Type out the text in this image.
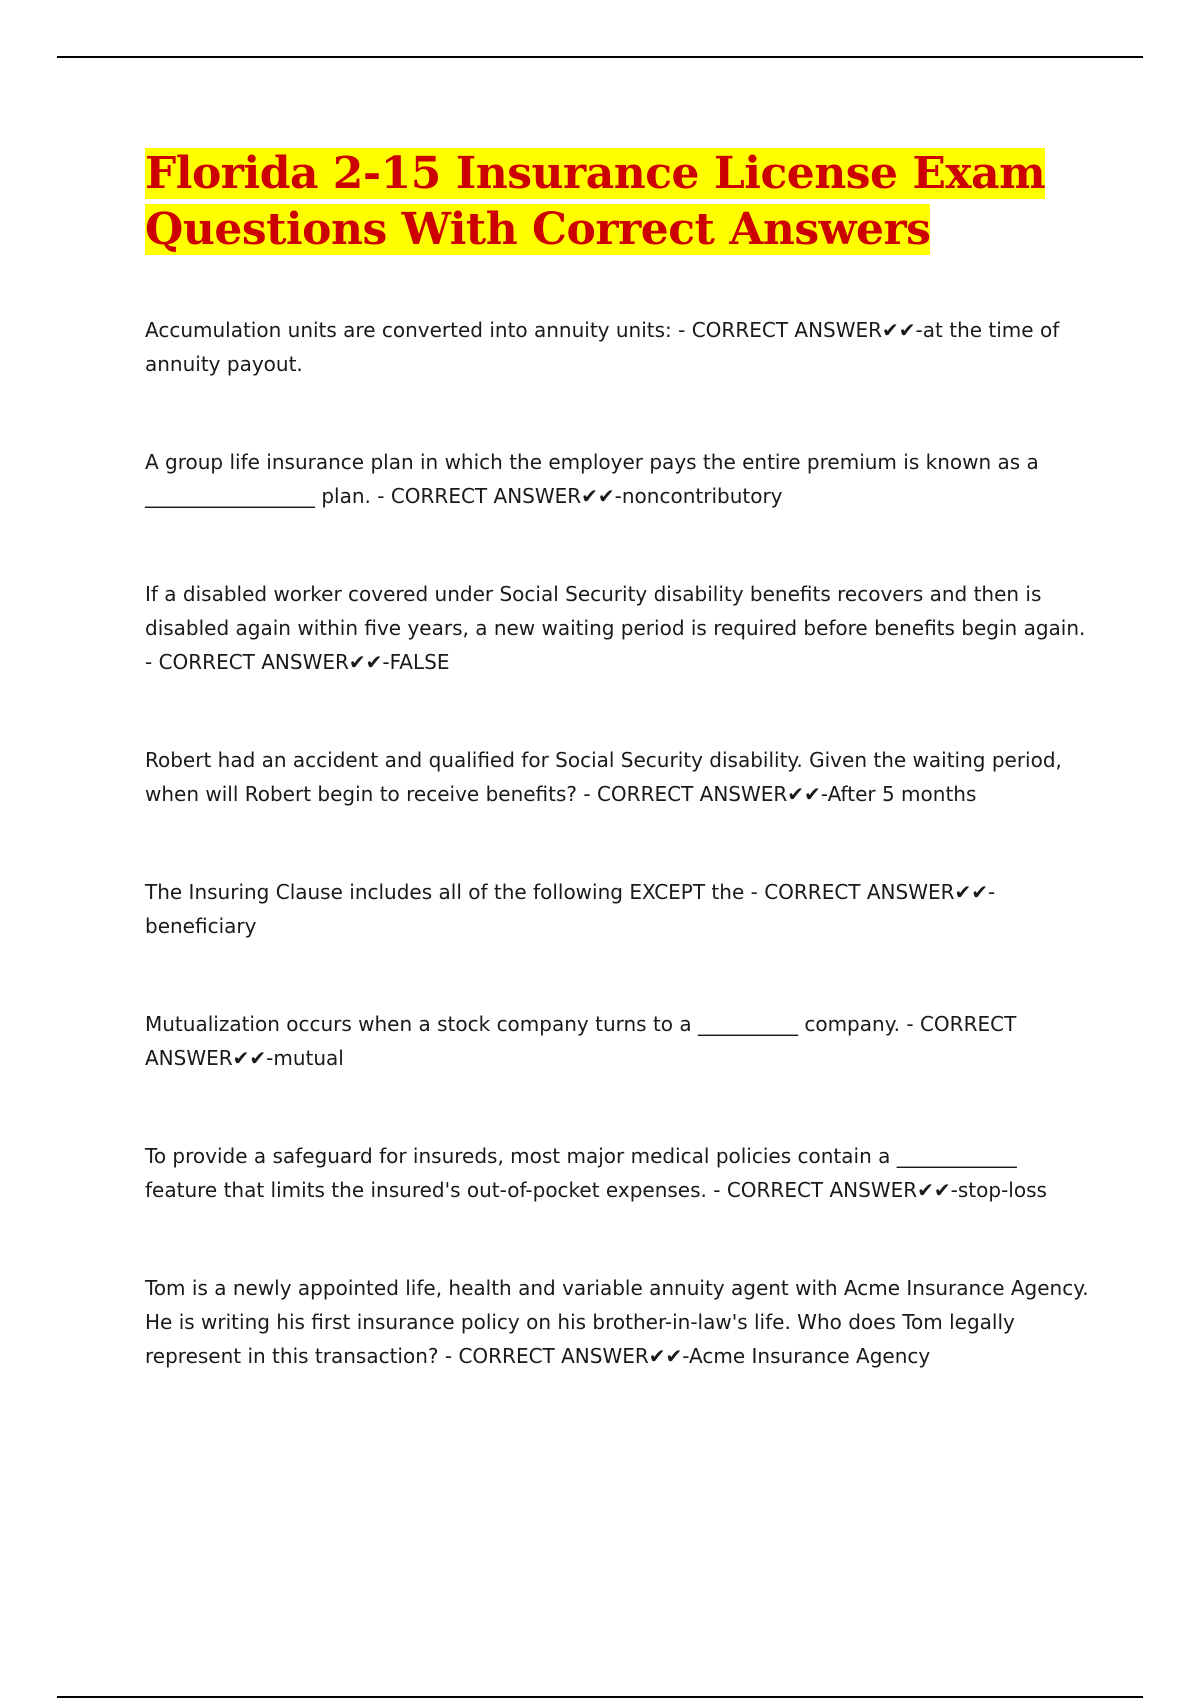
Florida 2-15 Insurance License Exam
Questions With Correct Answers

Accumulation units are converted into annuity units: - CORRECT ANSWER✔✔-at the time of annuity payout.

A group life insurance plan in which the employer pays the entire premium is known as a _________________ plan. - CORRECT ANSWER✔✔-noncontributory

If a disabled worker covered under Social Security disability benefits recovers and then is disabled again within five years, a new waiting period is required before benefits begin again. - CORRECT ANSWER✔✔-FALSE

Robert had an accident and qualified for Social Security disability. Given the waiting period, when will Robert begin to receive benefits? - CORRECT ANSWER✔✔-After 5 months

The Insuring Clause includes all of the following EXCEPT the - CORRECT ANSWER✔✔-beneficiary

Mutualization occurs when a stock company turns to a __________ company. - CORRECT ANSWER✔✔-mutual

To provide a safeguard for insureds, most major medical policies contain a ____________ feature that limits the insured's out-of-pocket expenses. - CORRECT ANSWER✔✔-stop-loss

Tom is a newly appointed life, health and variable annuity agent with Acme Insurance Agency. He is writing his first insurance policy on his brother-in-law's life. Who does Tom legally represent in this transaction? - CORRECT ANSWER✔✔-Acme Insurance Agency
